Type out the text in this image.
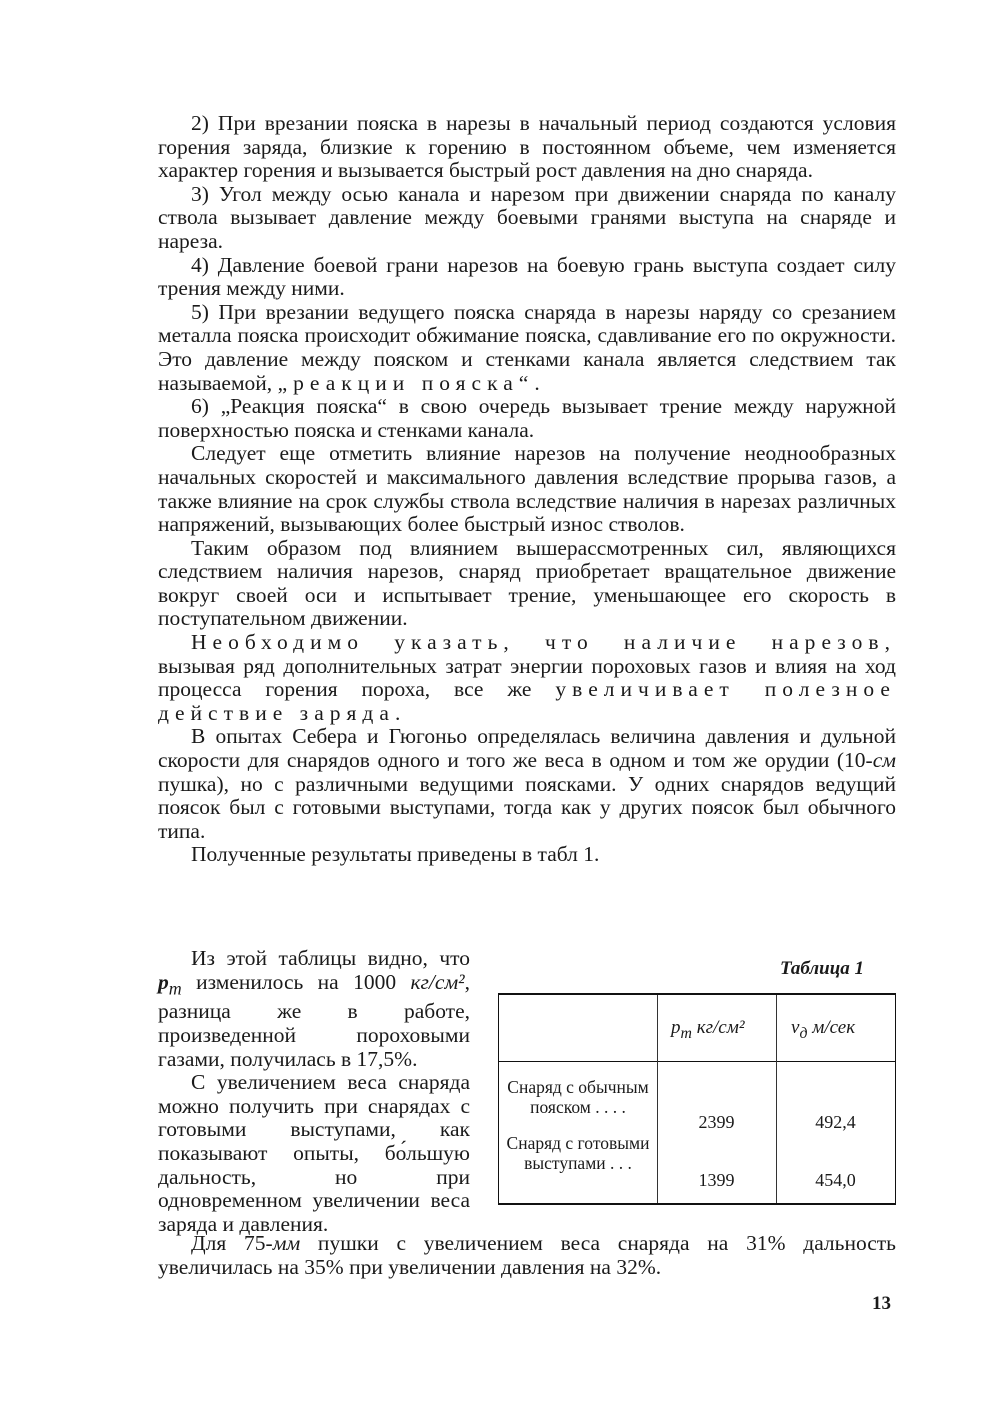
2) При врезании пояска в нарезы в начальный период создаются условия горения заряда, близкие к горению в постоянном объеме, чем изменяется характер горения и вызывается быстрый рост давления на дно снаряда.

3) Угол между осью канала и нарезом при движении снаряда по каналу ствола вызывает давление между боевыми гранями выступа на снаряде и нареза.

4) Давление боевой грани нарезов на боевую грань выступа создает силу трения между ними.

5) При врезании ведущего пояска снаряда в нарезы наряду со срезанием металла пояска происходит обжимание пояска, сдавливание его по окружности. Это давление между пояском и стенками канала является следствием так называемой, „реакции пояска“.

6) „Реакция пояска“ в свою очередь вызывает трение между наружной поверхностью пояска и стенками канала.

Следует еще отметить влияние нарезов на получение неоднообразных начальных скоростей и максимального давления вследствие прорыва газов, а также влияние на срок службы ствола вследствие наличия в нарезах различных напряжений, вызывающих более быстрый износ стволов.

Таким образом под влиянием вышерассмотренных сил, являющихся следствием наличия нарезов, снаряд приобретает вращательное движение вокруг своей оси и испытывает трение, уменьшающее его скорость в поступательном движении.

Необходимо указать, что наличие нарезов, вызывая ряд дополнительных затрат энергии пороховых газов и влияя на ход процесса горения пороха, все же увеличивает полезное действие заряда.

В опытах Себера и Гюгоньо определялась величина давления и дульной скорости для снарядов одного и того же веса в одном и том же орудии (10-см пушка), но с различными ведущими поясками. У одних снарядов ведущий поясок был с готовыми выступами, тогда как у других поясок был обычного типа.

Полученные результаты приведены в табл 1.

Из этой таблицы видно, что $p_m$ изменилось на 1000 кг/см², разница же в работе, произведенной пороховыми газами, получилась в 17,5%.

С увеличением веса снаряда можно получить при снарядах с готовыми выступами, как показывают опыты, бо́льшую дальность, но при одновременном увеличении веса заряда и давления.

Таблица 1
$p_m$ кг/см² $v_д$ м/сек
Снаряд с обычным пояском . . . .
Снаряд с готовыми выступами . . .
2399	492,4
1399	454,0

Для 75-мм пушки с увеличением веса снаряда на 31% дальность увеличилась на 35% при увеличении давления на 32%.

13
